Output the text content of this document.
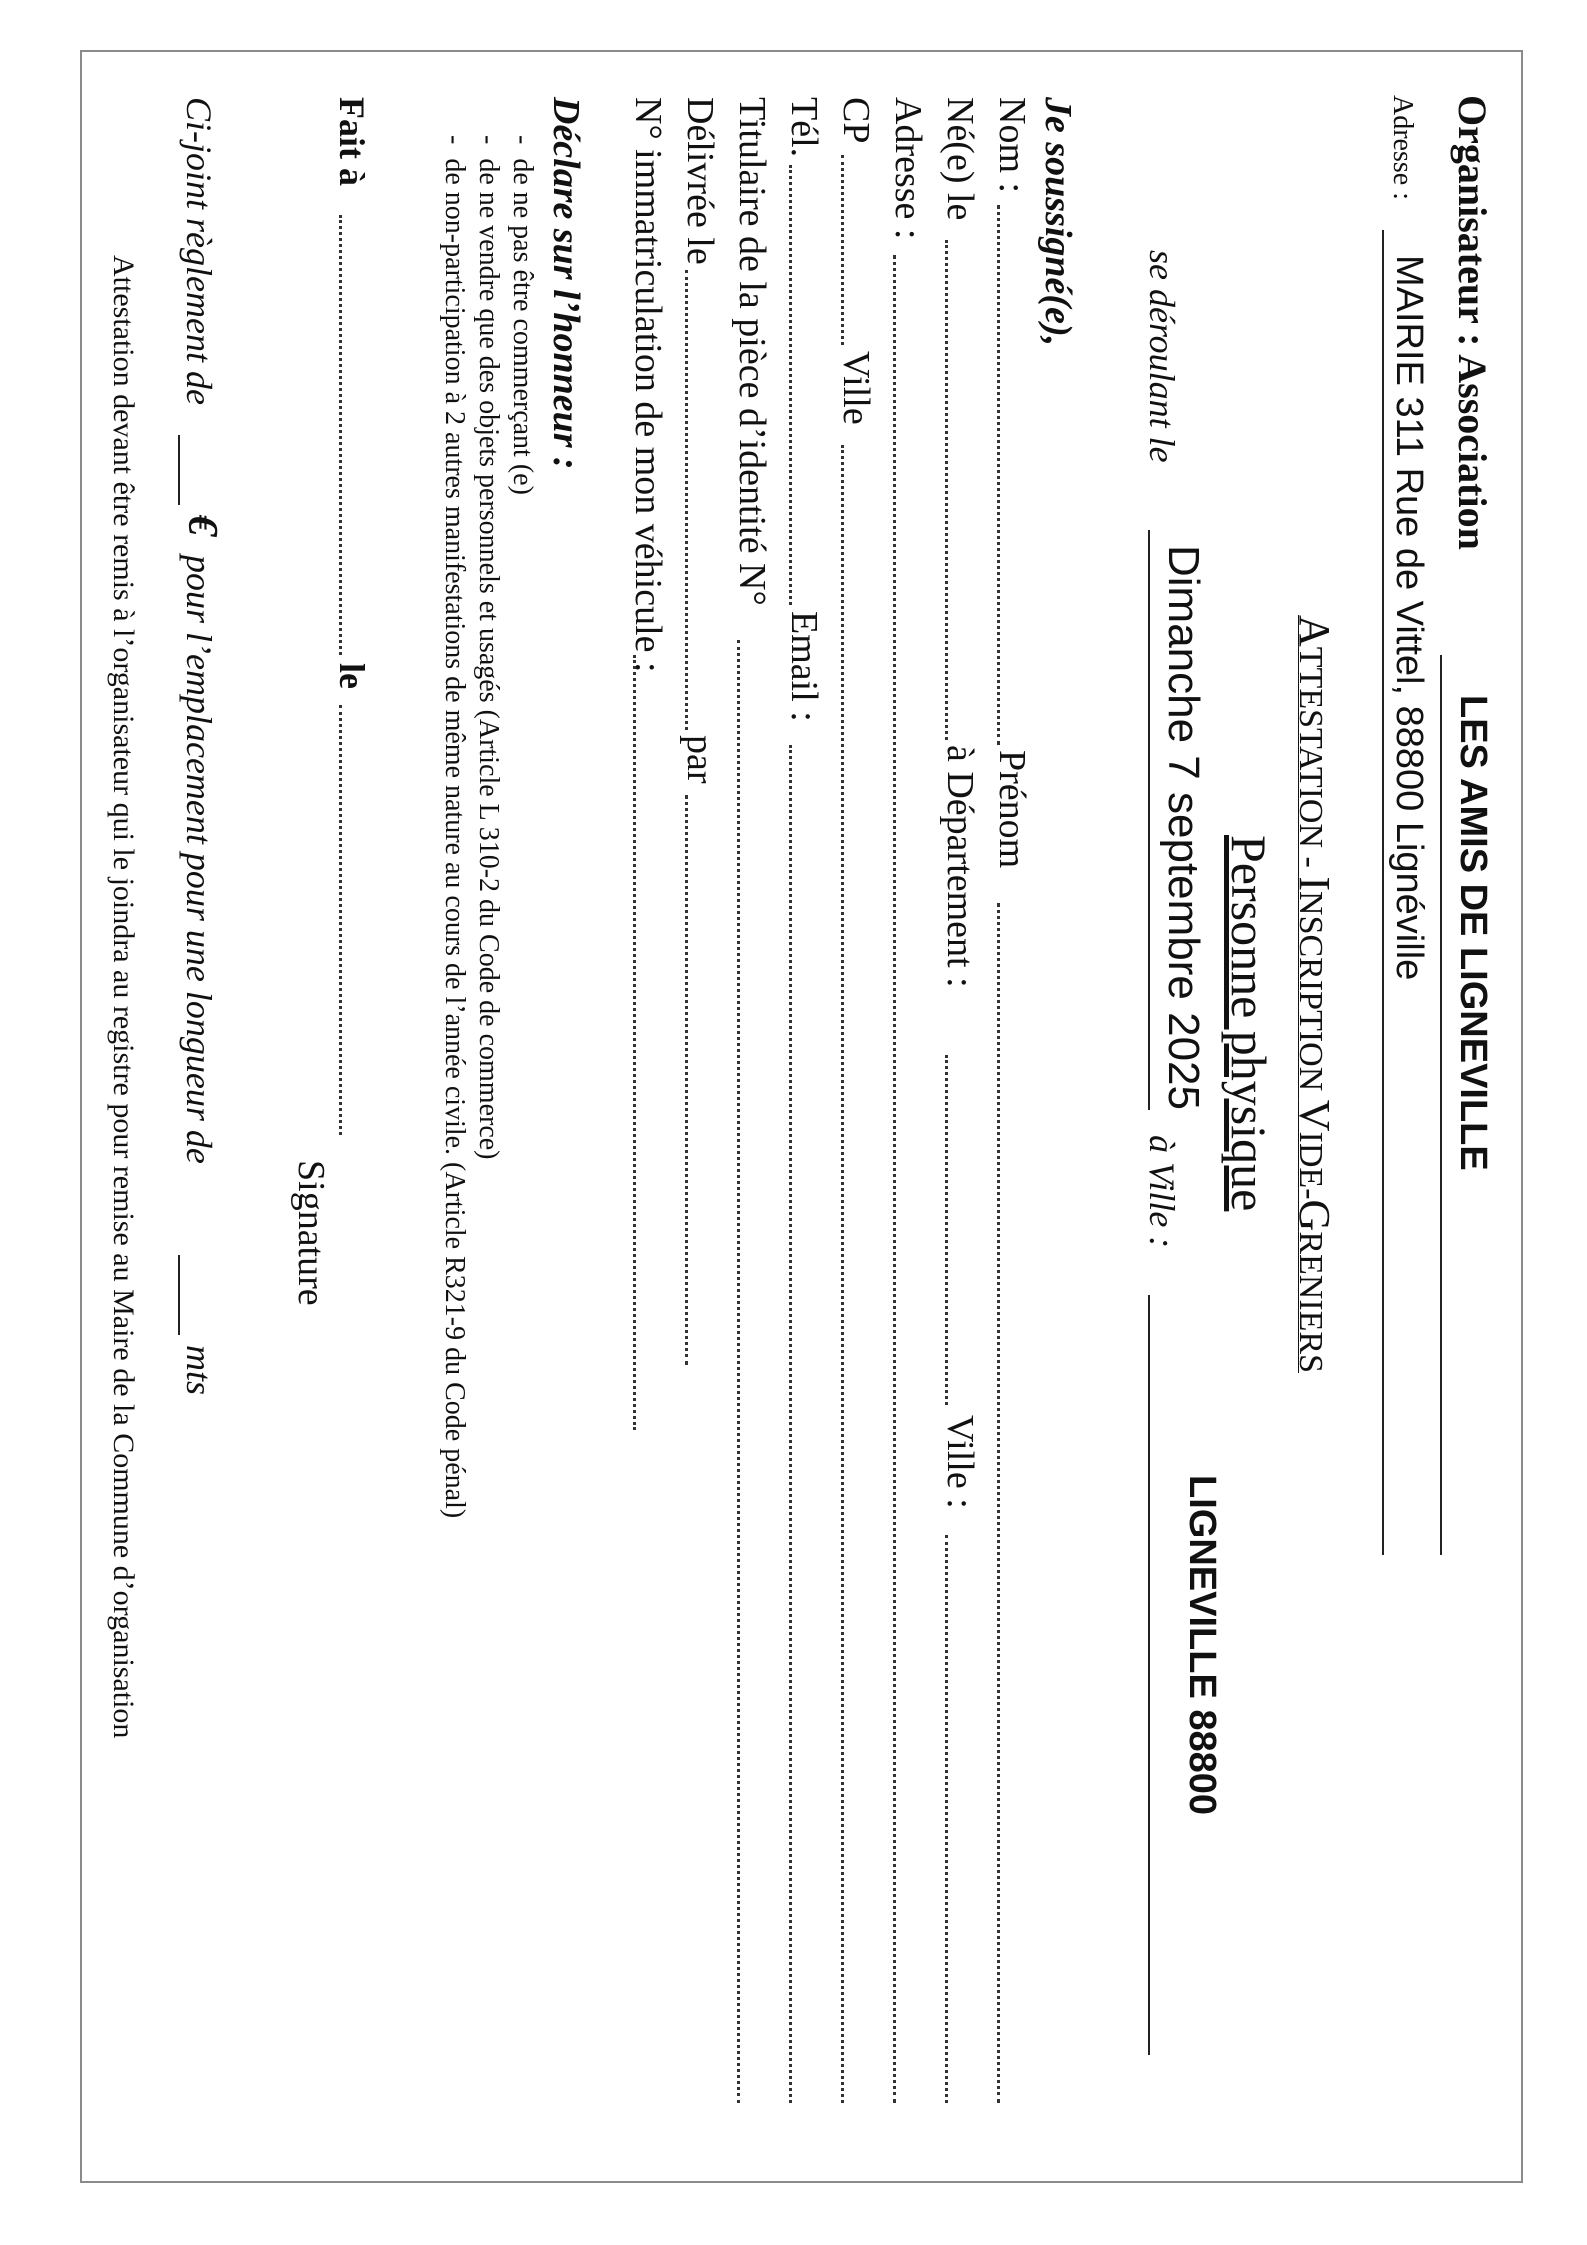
Organisateur : Association
LES AMIS DE LIGNEVILLE
Adresse :
MAIRIE 311 Rue de Vittel, 88800 Lignéville
ATTESTATION - INSCRIPTION VIDE-GRENIERS
Personne physique
se déroulant le
Dimanche 7 septembre 2025
à Ville :
LIGNEVILLE 88800
Je soussigné(e),
Nom :
Prénom
Né(e) le
à Département :
Ville :
Adresse :
CP
Ville
Tél.
Email :
Titulaire de la pièce d’identité N°
Délivrée le
par
N° immatriculation de mon véhicule :
Déclare sur l’honneur :
-  de ne pas être commerçant (e)
-  de ne vendre que des objets personnels et usagés (Article L 310-2 du Code de commerce)
-  de non-participation à 2 autres manifestations de même nature au cours de l’année civile. (Article R321-9 du Code pénal)
Fait à
le
Signature
Ci-joint règlement de
€
pour l’emplacement pour une longueur de
mts
Attestation devant être remis à l’organisateur qui le joindra au registre pour remise au Maire de la Commune d’organisation
